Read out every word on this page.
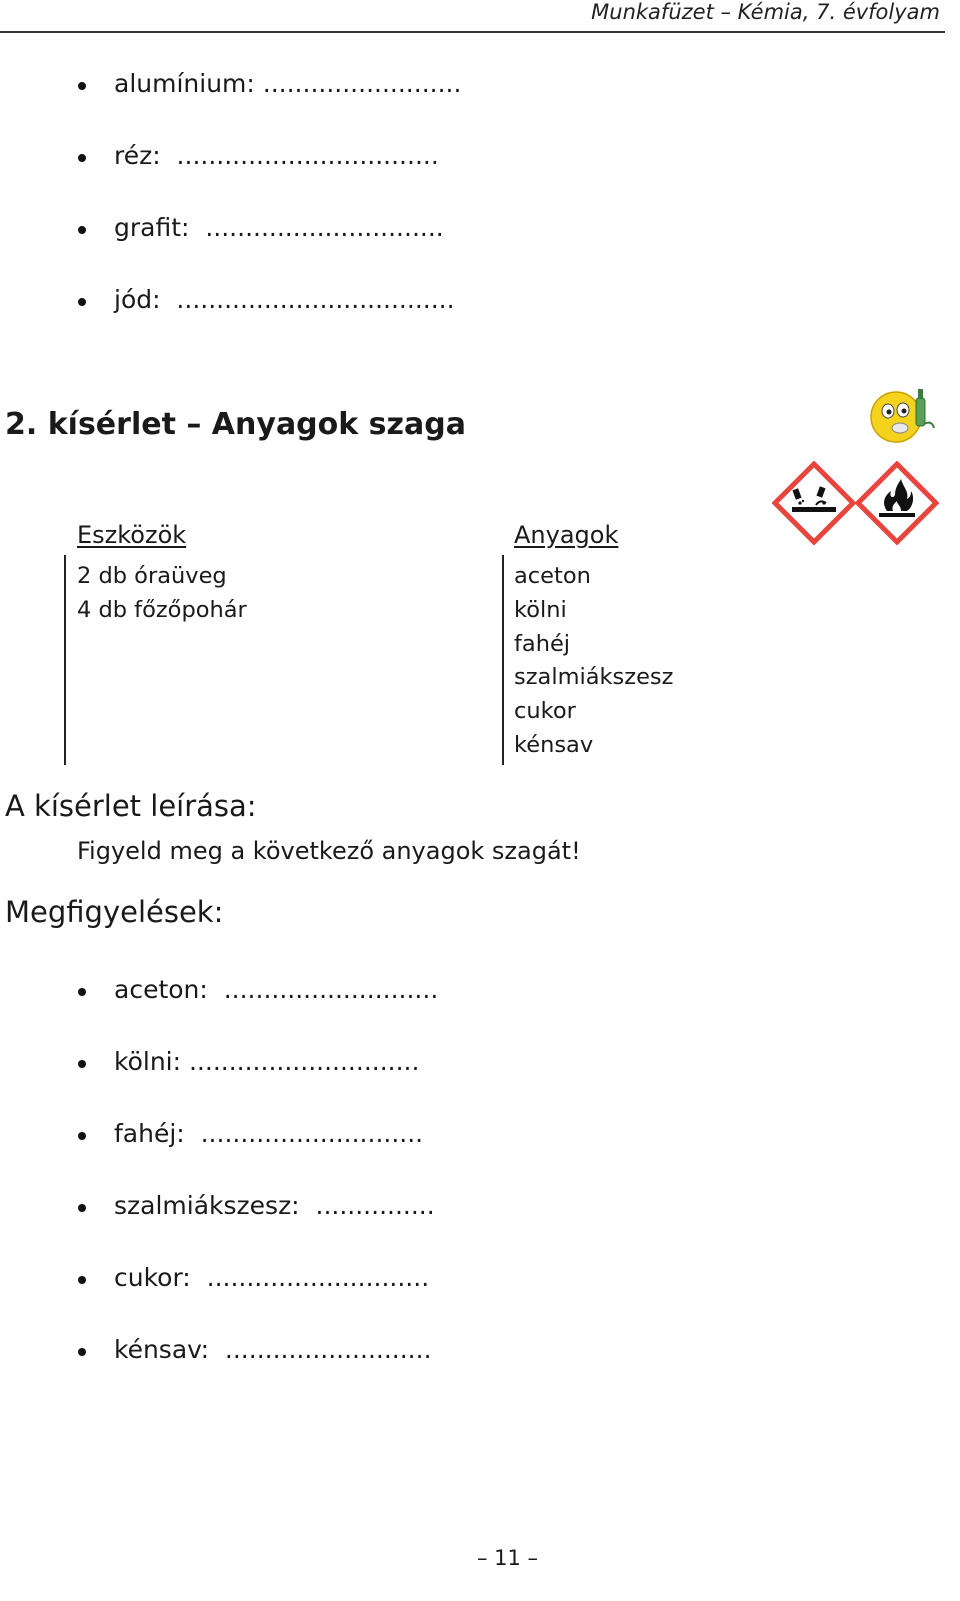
Munkafüzet – Kémia, 7. évfolyam
alumínium: .........................
réz:  .................................
grafit:  ..............................
jód:  ...................................
2. kísérlet – Anyagok szaga
Eszközök
2 db óraüveg
4 db főzőpohár
Anyagok
aceton
kölni
fahéj
szalmiákszesz
cukor
kénsav
A kísérlet leírása:
Figyeld meg a következő anyagok szagát!
Megfigyelések:
aceton:  ...........................
kölni: .............................
fahéj:  ............................
szalmiákszesz:  ...............
cukor:  ............................
kénsav:  ..........................
– 11 –
